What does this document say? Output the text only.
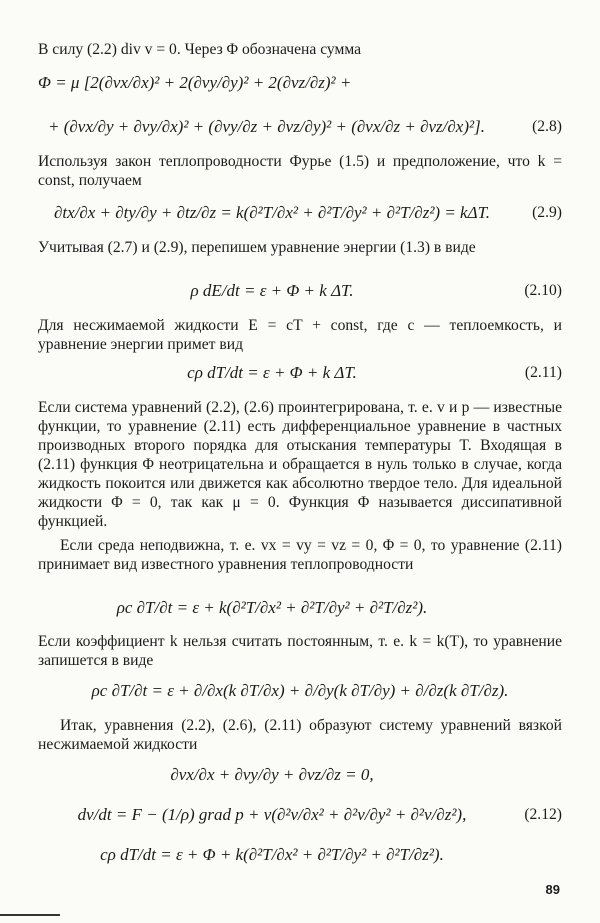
В силу (2.2) div v = 0. Через Φ обозначена сумма

Φ = μ [2(∂vx/∂x)² + 2(∂vy/∂y)² + 2(∂vz/∂z)² +
+ (∂vx/∂y + ∂vy/∂x)² + (∂vy/∂z + ∂vz/∂y)² + (∂vx/∂z + ∂vz/∂x)²].	(2.8)

Используя закон теплопроводности Фурье (1.5) и предположение, что k = const, получаем

∂tx/∂x + ∂ty/∂y + ∂tz/∂z = k(∂²T/∂x² + ∂²T/∂y² + ∂²T/∂z²) = kΔT.	(2.9)

Учитывая (2.7) и (2.9), перепишем уравнение энергии (1.3) в виде

ρ dE/dt = ε + Φ + k ΔT.	(2.10)

Для несжимаемой жидкости E = cT + const, где c — теплоемкость, и уравнение энергии примет вид

cρ dT/dt = ε + Φ + k ΔT.	(2.11)

Если система уравнений (2.2), (2.6) проинтегрирована, т. е. v и p — известные функции, то уравнение (2.11) есть дифференциальное уравнение в частных производных второго порядка для отыскания температуры T. Входящая в (2.11) функция Φ неотрицательна и обращается в нуль только в случае, когда жидкость покоится или движется как абсолютно твердое тело. Для идеальной жидкости Φ = 0, так как μ = 0. Функция Φ называется диссипативной функцией.

Если среда неподвижна, т. е. vx = vy = vz = 0, Φ = 0, то уравнение (2.11) принимает вид известного уравнения теплопроводности

ρc ∂T/∂t = ε + k(∂²T/∂x² + ∂²T/∂y² + ∂²T/∂z²).

Если коэффициент k нельзя считать постоянным, т. е. k = k(T), то уравнение запишется в виде

ρc ∂T/∂t = ε + ∂/∂x(k ∂T/∂x) + ∂/∂y(k ∂T/∂y) + ∂/∂z(k ∂T/∂z).

Итак, уравнения (2.2), (2.6), (2.11) образуют систему уравнений вязкой несжимаемой жидкости

∂vx/∂x + ∂vy/∂y + ∂vz/∂z = 0,
dv/dt = F − (1/ρ) grad p + ν(∂²v/∂x² + ∂²v/∂y² + ∂²v/∂z²),	(2.12)
cρ dT/dt = ε + Φ + k(∂²T/∂x² + ∂²T/∂y² + ∂²T/∂z²).
89
